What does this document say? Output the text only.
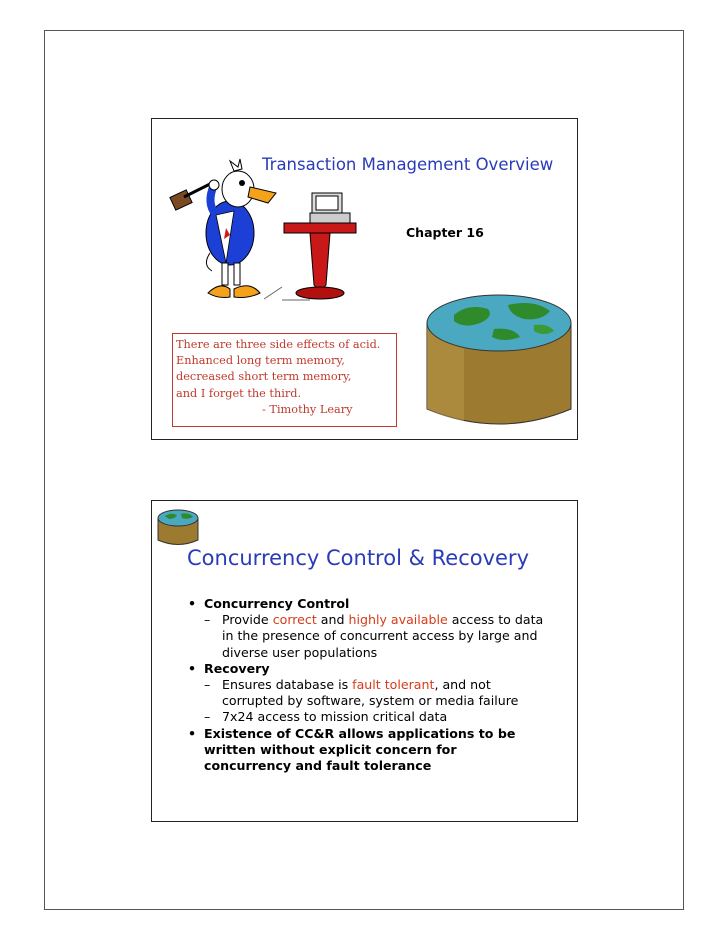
Transaction Management Overview
Chapter 16
There are three side effects of acid.
Enhanced long term memory,
decreased short term memory,
and I forget the third.
- Timothy Leary
Concurrency Control & Recovery
• Concurrency Control
– Provide correct and highly available access to data
in the presence of concurrent access by large and
diverse user populations
• Recovery
– Ensures database is fault tolerant, and not
corrupted by software, system or media failure
– 7x24 access to mission critical data
• Existence of CC&R allows applications to be
written without explicit concern for
concurrency and fault tolerance
